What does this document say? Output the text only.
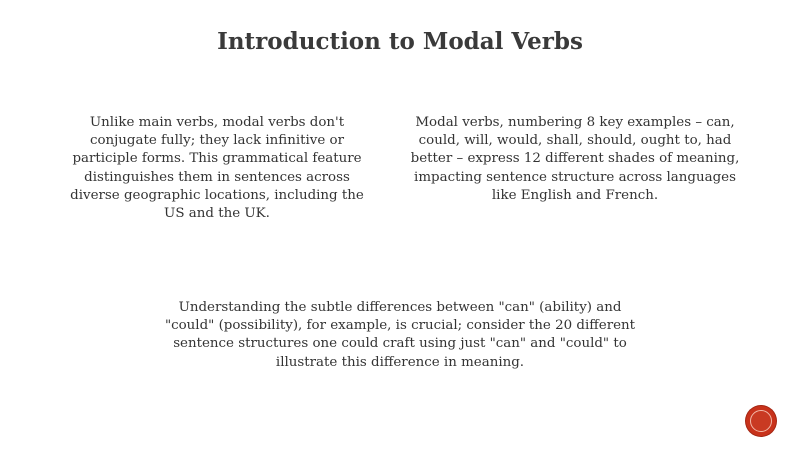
Introduction to Modal Verbs
Unlike main verbs, modal verbs don't
conjugate fully; they lack infinitive or
participle forms. This grammatical feature
distinguishes them in sentences across
diverse geographic locations, including the
US and the UK.
Modal verbs, numbering 8 key examples – can,
could, will, would, shall, should, ought to, had
better – express 12 different shades of meaning,
impacting sentence structure across languages
like English and French.
Understanding the subtle differences between "can" (ability) and
"could" (possibility), for example, is crucial; consider the 20 different
sentence structures one could craft using just "can" and "could" to
illustrate this difference in meaning.
